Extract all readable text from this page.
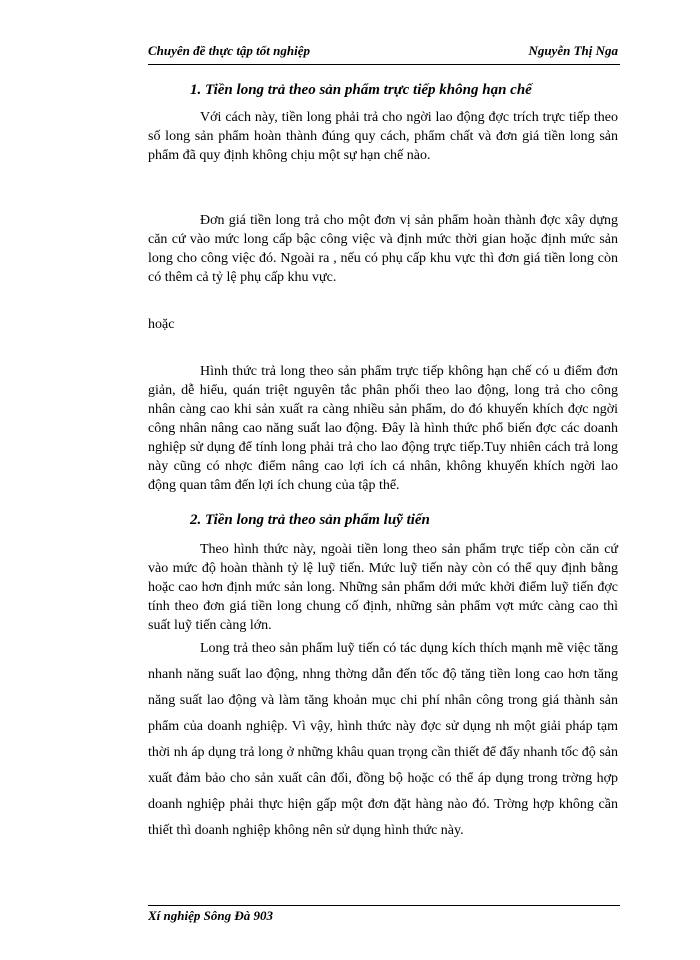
Chuyên đề thực tập tốt nghiệp	Nguyễn Thị Nga
1. Tiền long trả theo sản phẩm trực tiếp không hạn chế

Với cách này, tiền long phải trả cho ngời lao động đợc trích trực tiếp theo số long sản phẩm hoàn thành đúng quy cách, phẩm chất và đơn giá tiền long sản phẩm đã quy định không chịu một sự hạn chế nào.

Đơn giá tiền long trả cho một đơn vị sản phẩm hoàn thành đợc xây dựng căn cứ vào mức long cấp bậc công việc và định mức thời gian hoặc định mức sản long cho công việc đó. Ngoài ra , nếu có phụ cấp khu vực thì đơn giá tiền long còn có thêm cả tỷ lệ phụ cấp khu vực.

hoặc

Hình thức trả long theo sản phẩm trực tiếp không hạn chế có u điểm đơn giản, dễ hiểu, quán triệt nguyên tắc phân phối theo lao động, long trả cho công nhân càng cao khi sản xuất ra càng nhiều sản phẩm, do đó khuyến khích đợc ngời công nhân nâng cao năng suất lao động. Đây là hình thức phổ biến đợc các doanh nghiệp sử dụng để tính long phải trả cho lao động trực tiếp.Tuy nhiên cách trả long này cũng có nhợc điểm nâng cao lợi ích cá nhân, không khuyến khích ngời lao động quan tâm đến lợi ích chung của tập thể.

2. Tiền long trả theo sản phẩm luỹ tiến

Theo hình thức này, ngoài tiền long theo sản phẩm trực tiếp còn căn cứ vào mức độ hoàn thành tỷ lệ luỹ tiến. Mức luỹ tiến này còn có thể quy định bằng hoặc cao hơn định mức sản long. Những sản phẩm dới mức khởi điểm luỹ tiến đợc tính theo đơn giá tiền long chung cố định, những sản phẩm vợt mức càng cao thì suất luỹ tiến càng lớn.

Long trả theo sản phẩm luỹ tiến có tác dụng kích thích mạnh mẽ việc tăng nhanh năng suất lao động, nhng thờng dẫn đến tốc độ tăng tiền long cao hơn tăng năng suất lao động và làm tăng khoản mục chi phí nhân công trong giá thành sản phẩm của doanh nghiệp. Vì vậy, hình thức này đợc sử dụng nh một giải pháp tạm thời nh áp dụng trả long ở những khâu quan trọng cần thiết để đẩy nhanh tốc độ sản xuất đảm bảo cho sản xuất cân đối, đồng bộ hoặc có thể áp dụng trong trờng hợp doanh nghiệp phải thực hiện gấp một đơn đặt hàng nào đó. Trờng hợp không cần thiết thì doanh nghiệp không nên sử dụng hình thức này.

Xí nghiệp Sông Đà 903
